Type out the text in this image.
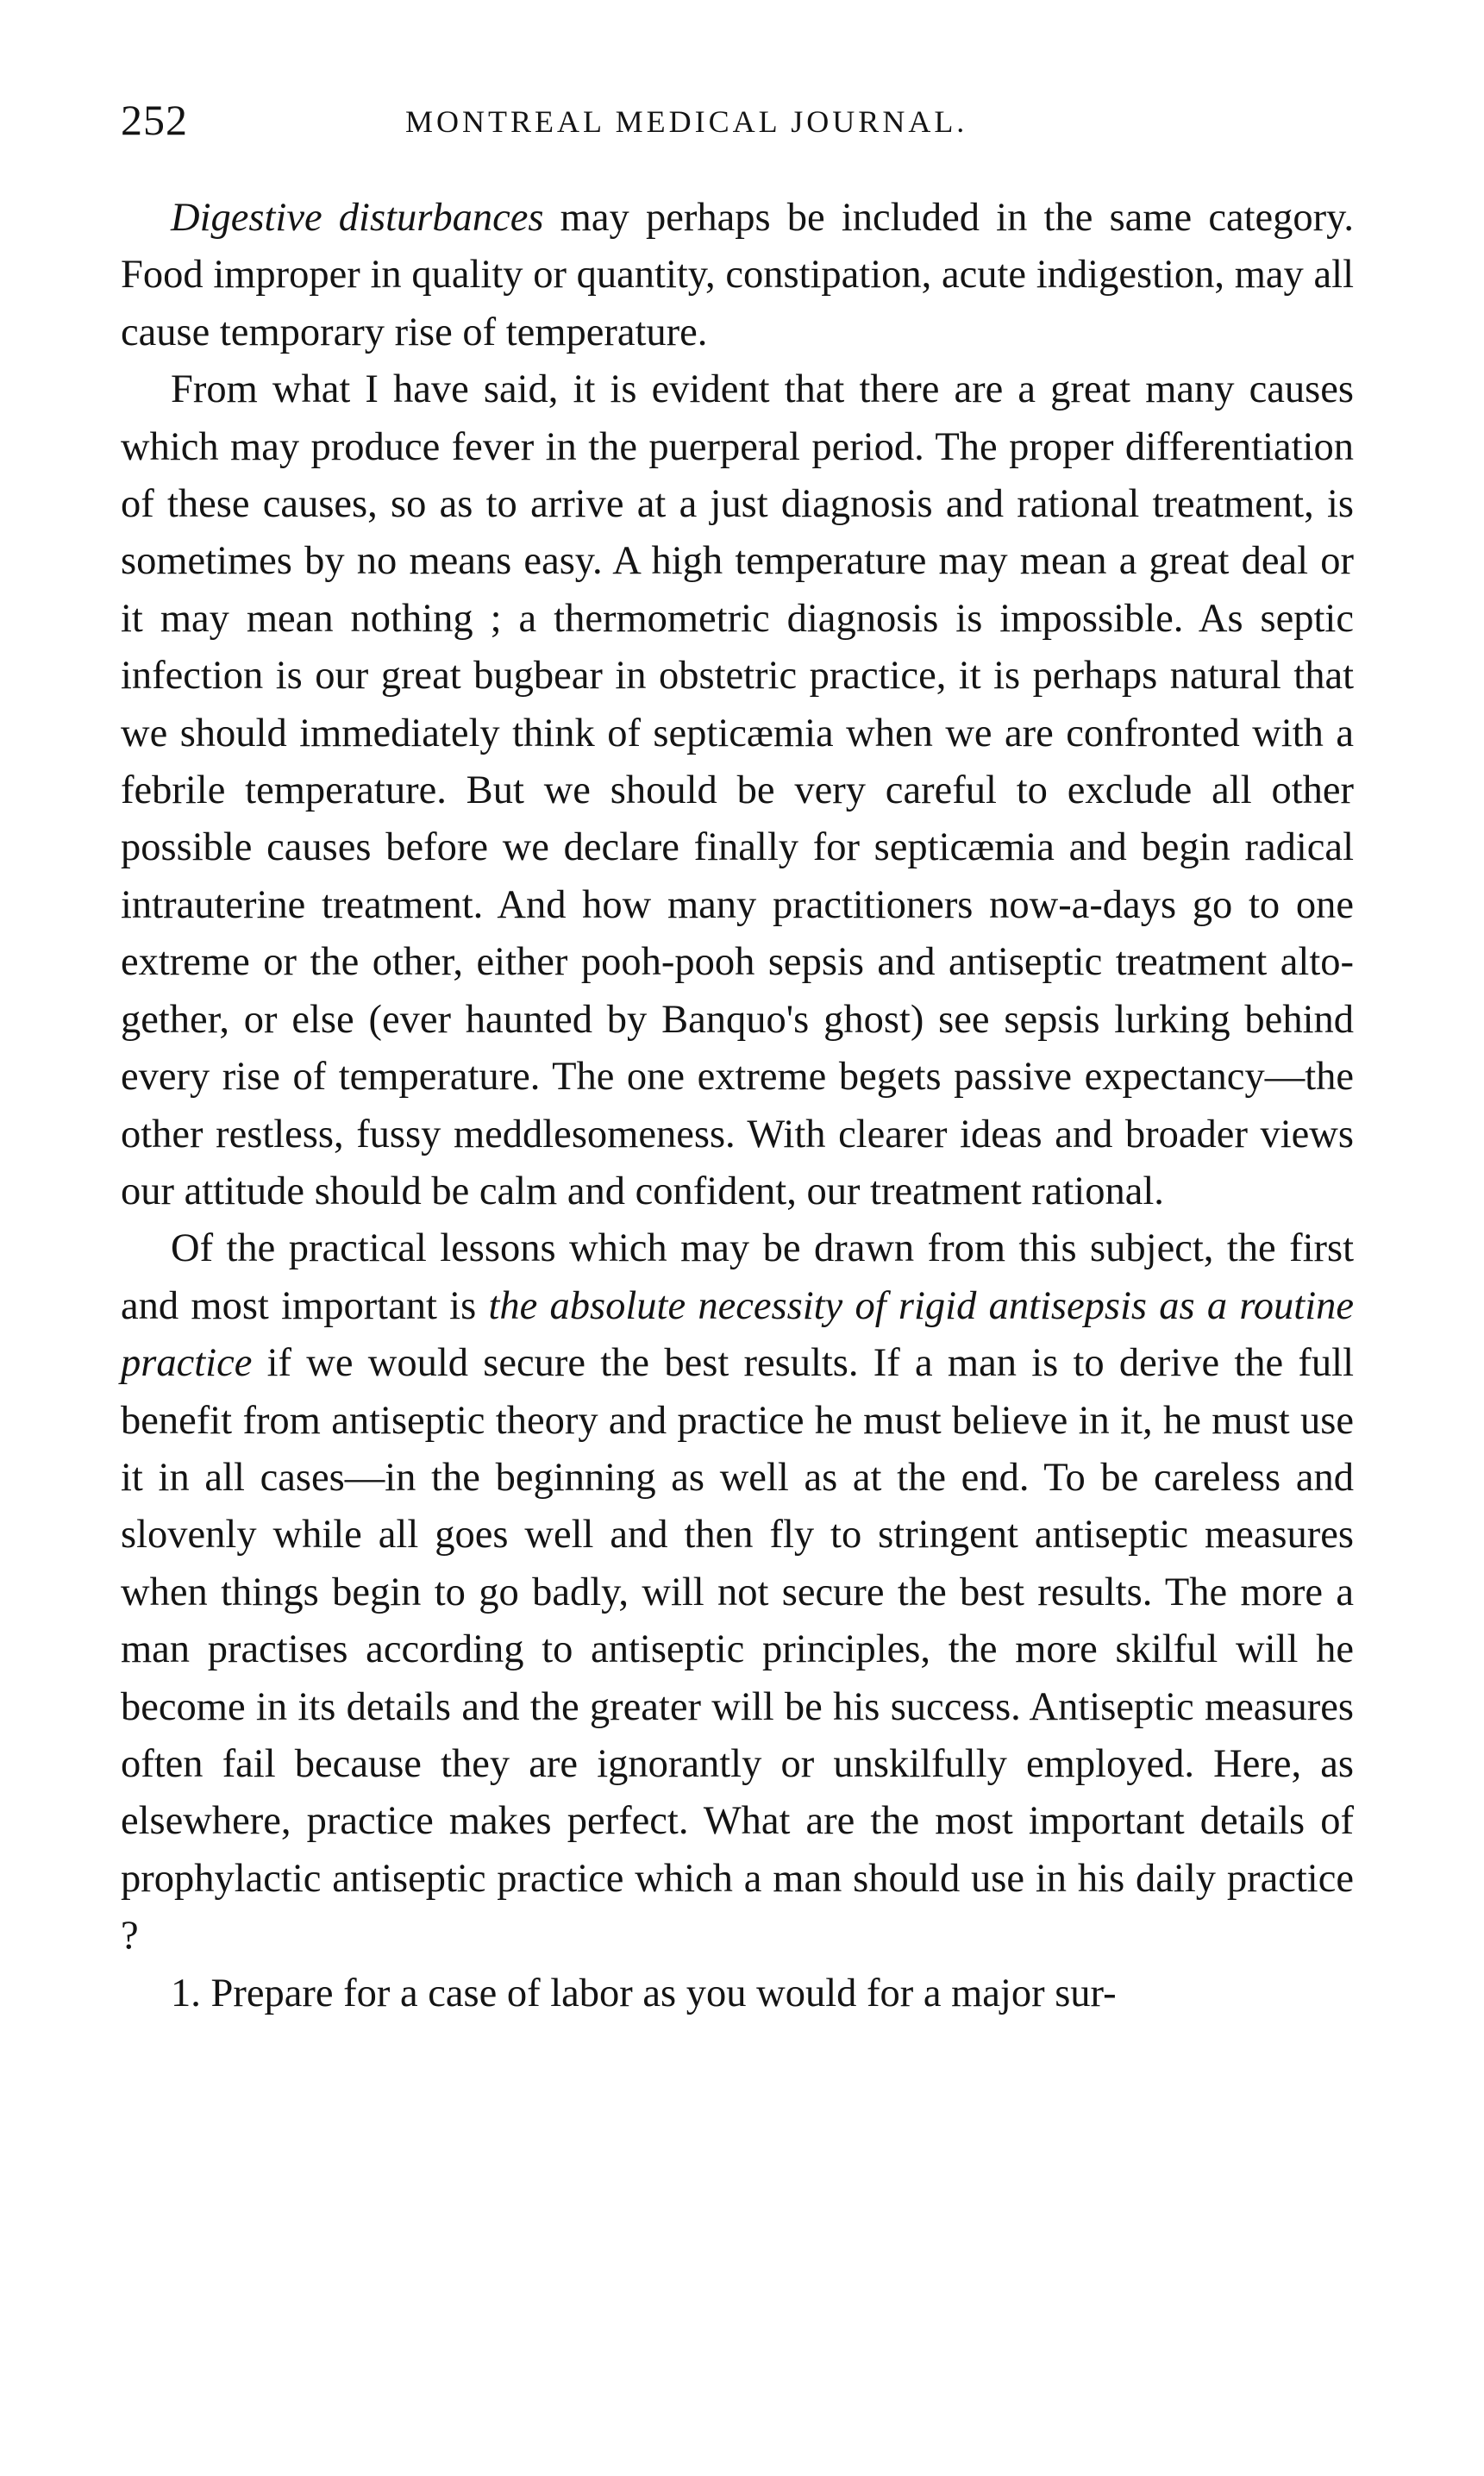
252	MONTREAL MEDICAL JOURNAL.

Digestive disturbances may perhaps be included in the same category. Food improper in quality or quantity, constipation, acute indigestion, may all cause temporary rise of temperature.

From what I have said, it is evident that there are a great many causes which may produce fever in the puerperal period. The proper differentiation of these causes, so as to arrive at a just diagnosis and rational treatment, is sometimes by no means easy. A high temperature may mean a great deal or it may mean nothing ; a thermometric diagnosis is impossible. As septic infection is our great bugbear in obstetric practice, it is perhaps natural that we should immediately think of septicæmia when we are confronted with a febrile temperature. But we should be very careful to exclude all other possible causes before we declare finally for septicæmia and begin radical intrauterine treatment. And how many practitioners now-a-days go to one extreme or the other, either pooh-pooh sepsis and antiseptic treatment altogether, or else (ever haunted by Banquo's ghost) see sepsis lurking behind every rise of temperature. The one extreme begets passive expectancy—the other restless, fussy meddlesomeness. With clearer ideas and broader views our attitude should be calm and confident, our treatment rational.

Of the practical lessons which may be drawn from this subject, the first and most important is the absolute necessity of rigid antisepsis as a routine practice if we would secure the best results. If a man is to derive the full benefit from antiseptic theory and practice he must believe in it, he must use it in all cases—in the beginning as well as at the end. To be careless and slovenly while all goes well and then fly to stringent antiseptic measures when things begin to go badly, will not secure the best results. The more a man practises according to antiseptic principles, the more skilful will he become in its details and the greater will be his success. Antiseptic measures often fail because they are ignorantly or unskilfully employed. Here, as elsewhere, practice makes perfect. What are the most important details of prophylactic antiseptic practice which a man should use in his daily practice ?

1. Prepare for a case of labor as you would for a major sur-
